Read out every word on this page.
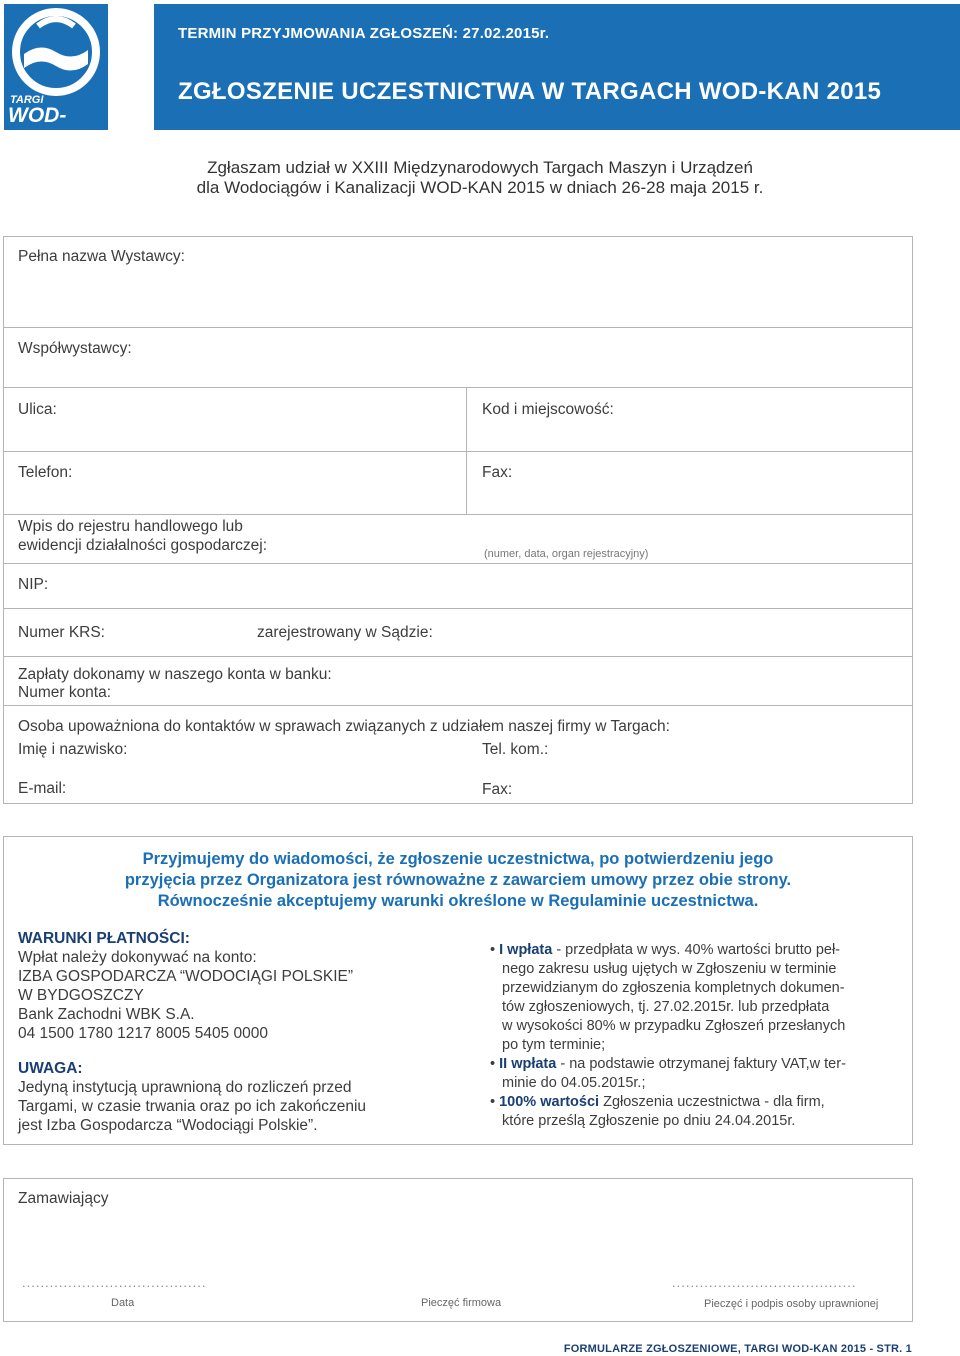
TARGI
WOD-KAN
TERMIN PRZYJMOWANIA ZGŁOSZEŃ: 27.02.2015r.
ZGŁOSZENIE UCZESTNICTWA W TARGACH WOD-KAN 2015
Zgłaszam udział w XXIII Międzynarodowych Targach Maszyn i Urządzeń
dla Wodociągów i Kanalizacji WOD-KAN 2015 w dniach 26-28 maja 2015 r.
Pełna nazwa Wystawcy:
Współwystawcy:
Ulica:	Kod i miejscowość:
Telefon:	Fax:
Wpis do rejestru handlowego lub
ewidencji działalności gospodarczej:	(numer, data, organ rejestracyjny)
NIP:
Numer KRS:	zarejestrowany w Sądzie:
Zapłaty dokonamy w naszego konta w banku:
Numer konta:
Osoba upoważniona do kontaktów w sprawach związanych z udziałem naszej firmy w Targach:
Imię i nazwisko:	Tel. kom.:
E-mail:	Fax:
Przyjmujemy do wiadomości, że zgłoszenie uczestnictwa, po potwierdzeniu jego
przyjęcia przez Organizatora jest równoważne z zawarciem umowy przez obie strony.
Równocześnie akceptujemy warunki określone w Regulaminie uczestnictwa.
WARUNKI PŁATNOŚCI:
Wpłat należy dokonywać na konto:
IZBA GOSPODARCZA “WODOCIĄGI POLSKIE”
W BYDGOSZCZY
Bank Zachodni WBK S.A.
04 1500 1780 1217 8005 5405 0000
UWAGA:
Jedyną instytucją uprawnioną do rozliczeń przed
Targami, w czasie trwania oraz po ich zakończeniu
jest Izba Gospodarcza “Wodociągi Polskie”.
• I wpłata - przedpłata w wys. 40% wartości brutto peł-
nego zakresu usług ujętych w Zgłoszeniu w terminie
przewidzianym do zgłoszenia kompletnych dokumen-
tów zgłoszeniowych, tj. 27.02.2015r. lub przedpłata
w wysokości 80% w przypadku Zgłoszeń przesłanych
po tym terminie;
• II wpłata - na podstawie otrzymanej faktury VAT,w ter-
minie do 04.05.2015r.;
• 100% wartości Zgłoszenia uczestnictwa - dla firm,
które prześlą Zgłoszenie po dniu 24.04.2015r.
Zamawiający
........................................	........................................
Data	Pieczęć firmowa	Pieczęć i podpis osoby uprawnionej
FORMULARZE ZGŁOSZENIOWE, TARGI WOD-KAN 2015 - STR. 1
